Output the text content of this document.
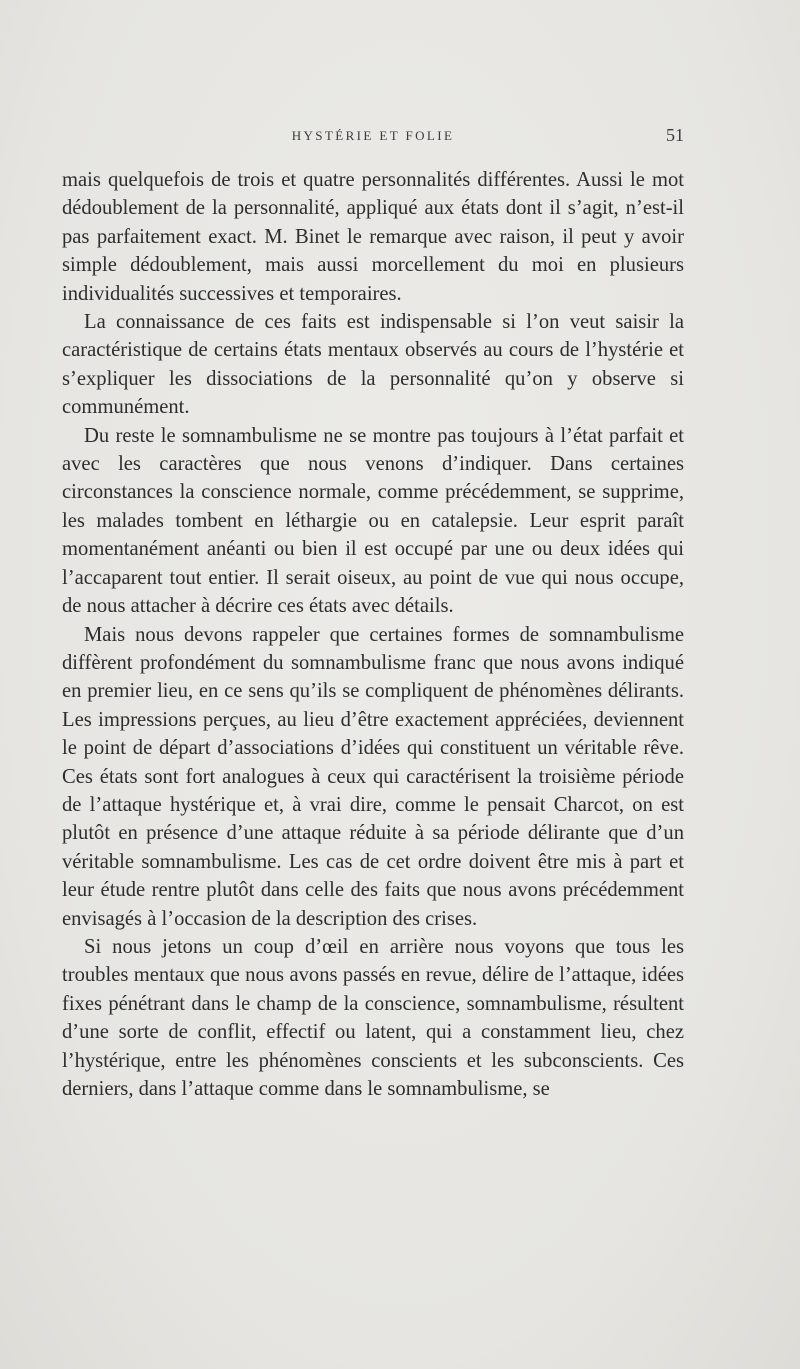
HYSTÉRIE ET FOLIE	51

mais quelquefois de trois et quatre personnalités différentes. Aussi le mot dédoublement de la personnalité, appliqué aux états dont il s’agit, n’est-il pas parfaitement exact. M. Binet le remarque avec raison, il peut y avoir simple dédoublement, mais aussi morcellement du moi en plusieurs individualités successives et temporaires.

La connaissance de ces faits est indispensable si l’on veut saisir la caractéristique de certains états mentaux observés au cours de l’hystérie et s’expliquer les dissociations de la personnalité qu’on y observe si communément.

Du reste le somnambulisme ne se montre pas toujours à l’état parfait et avec les caractères que nous venons d’indiquer. Dans certaines circonstances la conscience normale, comme précédemment, se supprime, les malades tombent en léthargie ou en catalepsie. Leur esprit paraît momentanément anéanti ou bien il est occupé par une ou deux idées qui l’accaparent tout entier. Il serait oiseux, au point de vue qui nous occupe, de nous attacher à décrire ces états avec détails.

Mais nous devons rappeler que certaines formes de somnambulisme diffèrent profondément du somnambulisme franc que nous avons indiqué en premier lieu, en ce sens qu’ils se compliquent de phénomènes délirants. Les impressions perçues, au lieu d’être exactement appréciées, deviennent le point de départ d’associations d’idées qui constituent un véritable rêve. Ces états sont fort analogues à ceux qui caractérisent la troisième période de l’attaque hystérique et, à vrai dire, comme le pensait Charcot, on est plutôt en présence d’une attaque réduite à sa période délirante que d’un véritable somnambulisme. Les cas de cet ordre doivent être mis à part et leur étude rentre plutôt dans celle des faits que nous avons précédemment envisagés à l’occasion de la description des crises.

Si nous jetons un coup d’œil en arrière nous voyons que tous les troubles mentaux que nous avons passés en revue, délire de l’attaque, idées fixes pénétrant dans le champ de la conscience, somnambulisme, résultent d’une sorte de conflit, effectif ou latent, qui a constamment lieu, chez l’hystérique, entre les phénomènes conscients et les subconscients. Ces derniers, dans l’attaque comme dans le somnambulisme, se
